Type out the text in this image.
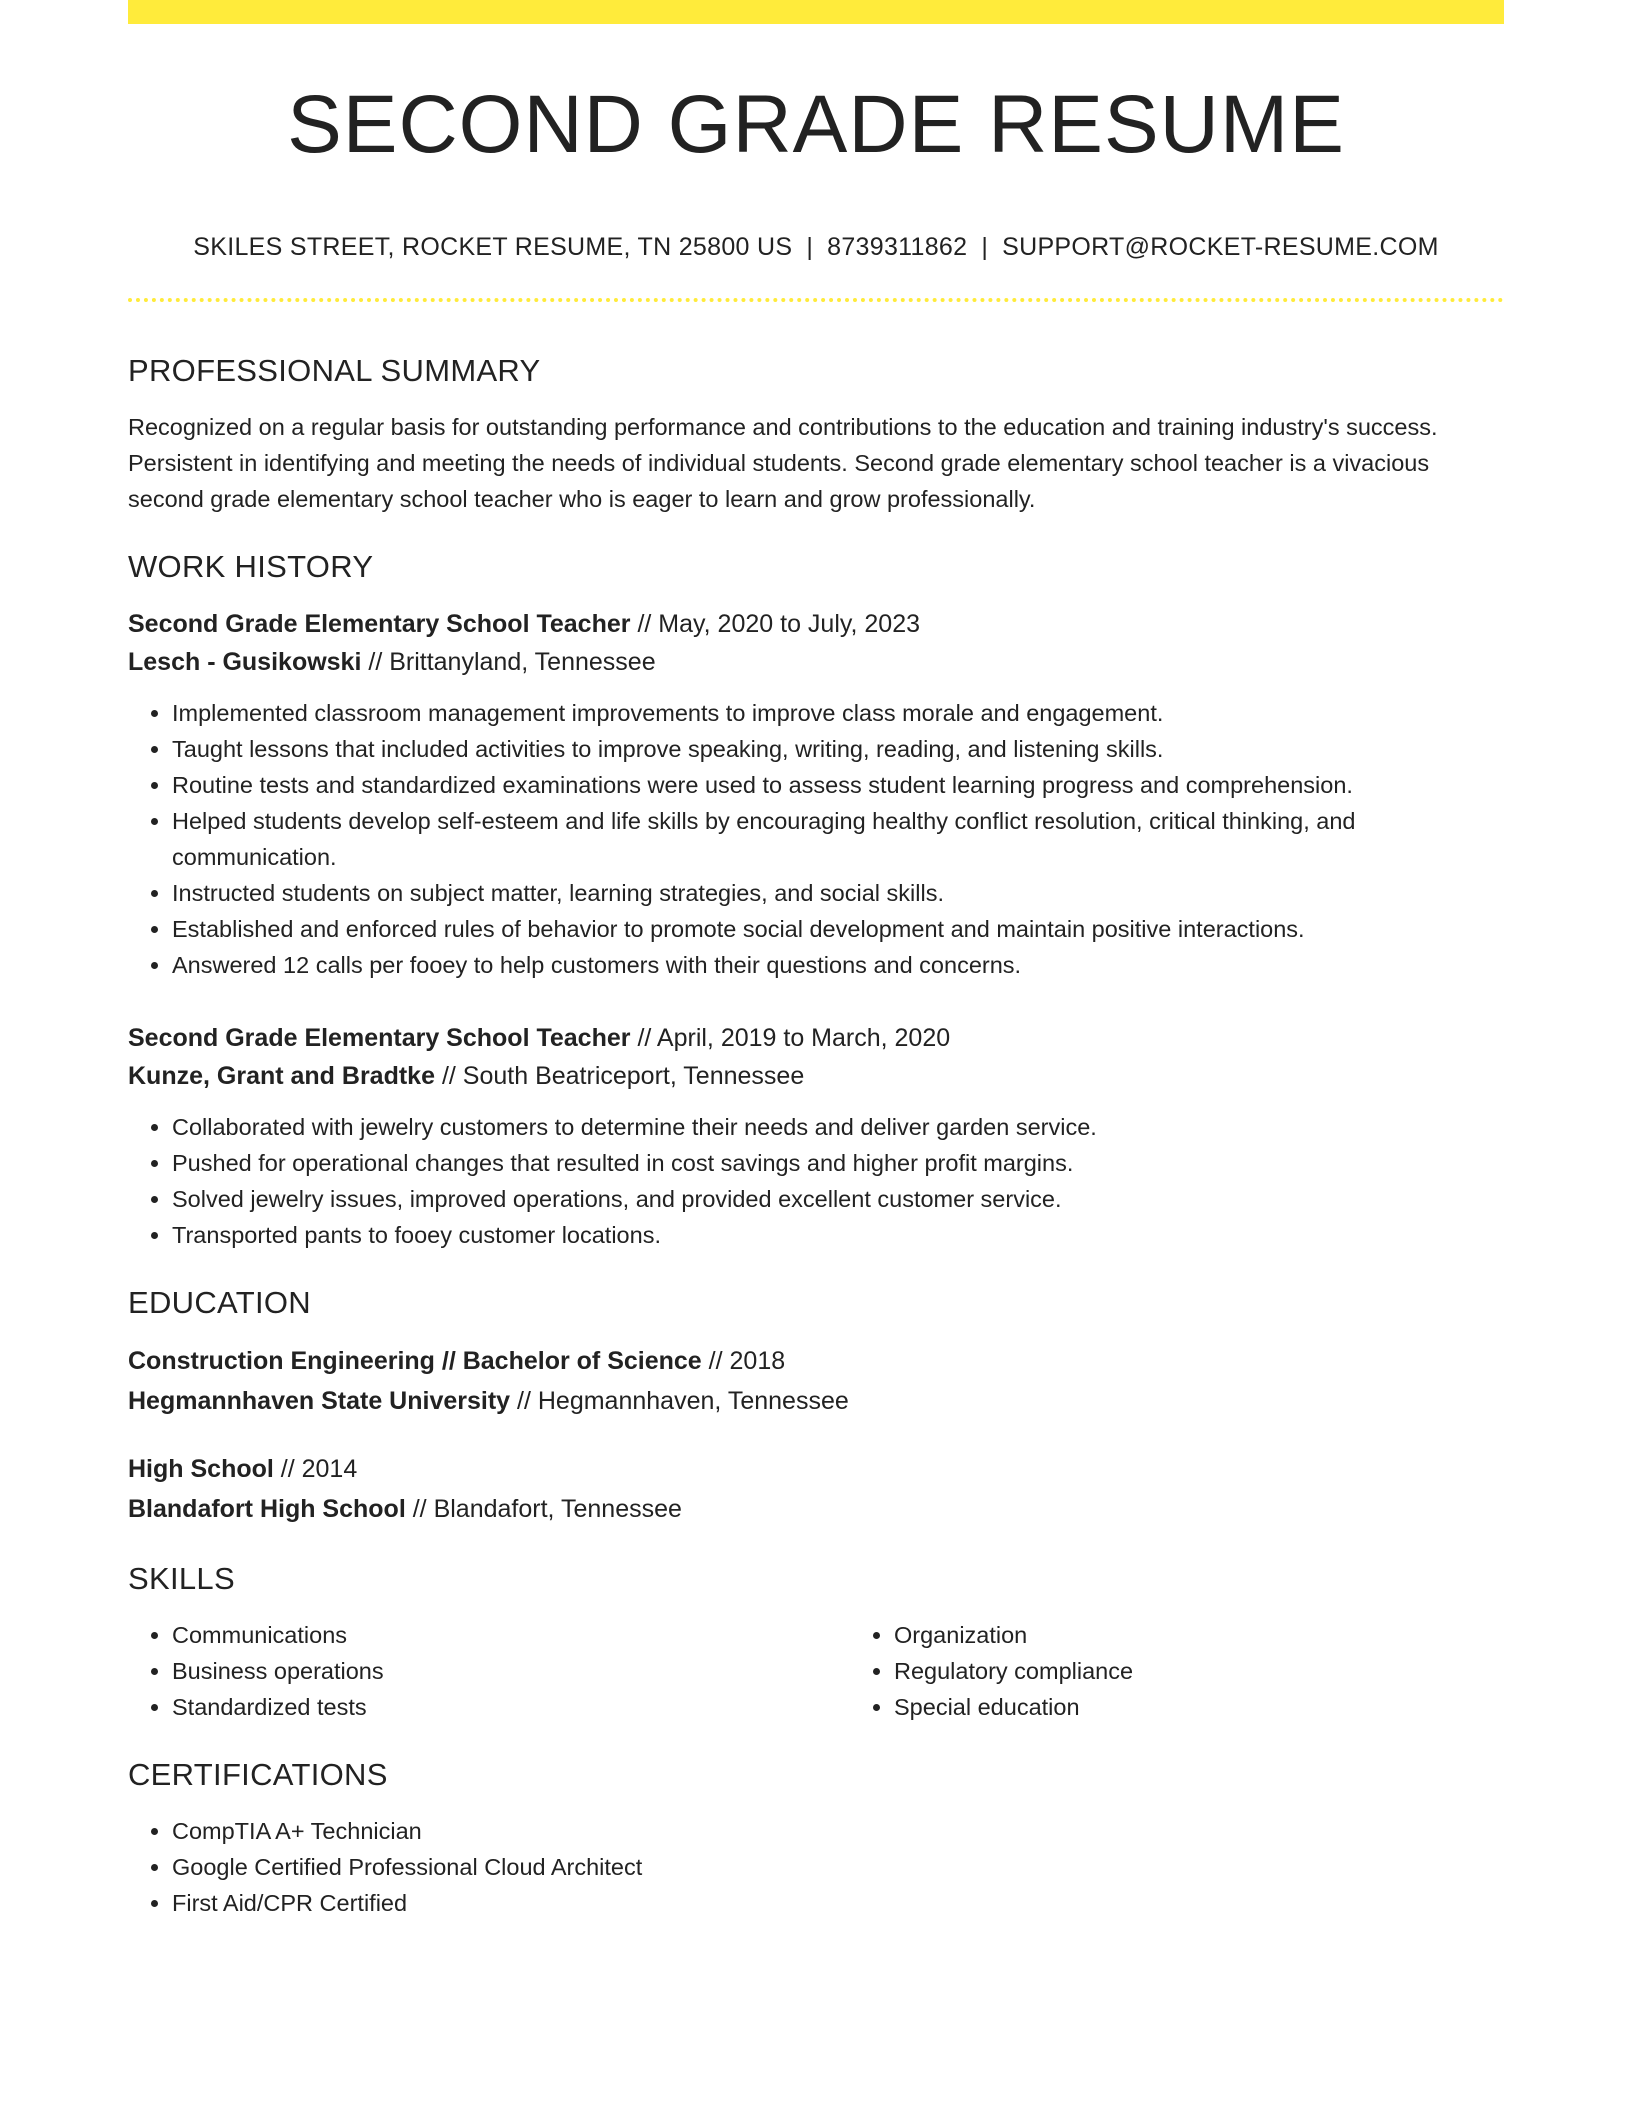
SECOND GRADE RESUME
SKILES STREET, ROCKET RESUME, TN 25800 US | 8739311862 | SUPPORT@ROCKET-RESUME.COM
PROFESSIONAL SUMMARY

Recognized on a regular basis for outstanding performance and contributions to the education and training industry's success. Persistent in identifying and meeting the needs of individual students. Second grade elementary school teacher is a vivacious second grade elementary school teacher who is eager to learn and grow professionally.

WORK HISTORY

Second Grade Elementary School Teacher // May, 2020 to July, 2023

Lesch - Gusikowski // Brittanyland, Tennessee

• Implemented classroom management improvements to improve class morale and engagement.
• Taught lessons that included activities to improve speaking, writing, reading, and listening skills.
• Routine tests and standardized examinations were used to assess student learning progress and comprehension.
• Helped students develop self-esteem and life skills by encouraging healthy conflict resolution, critical thinking, and communication.
• Instructed students on subject matter, learning strategies, and social skills.
• Established and enforced rules of behavior to promote social development and maintain positive interactions.
• Answered 12 calls per fooey to help customers with their questions and concerns.

Second Grade Elementary School Teacher // April, 2019 to March, 2020

Kunze, Grant and Bradtke // South Beatriceport, Tennessee

• Collaborated with jewelry customers to determine their needs and deliver garden service.
• Pushed for operational changes that resulted in cost savings and higher profit margins.
• Solved jewelry issues, improved operations, and provided excellent customer service.
• Transported pants to fooey customer locations.
EDUCATION

Construction Engineering // Bachelor of Science // 2018

Hegmannhaven State University // Hegmannhaven, Tennessee

High School // 2014

Blandafort High School // Blandafort, Tennessee

SKILLS
• Communications
• Business operations
• Standardized tests
• Organization
• Regulatory compliance
• Special education
CERTIFICATIONS
• CompTIA A+ Technician
• Google Certified Professional Cloud Architect
• First Aid/CPR Certified
